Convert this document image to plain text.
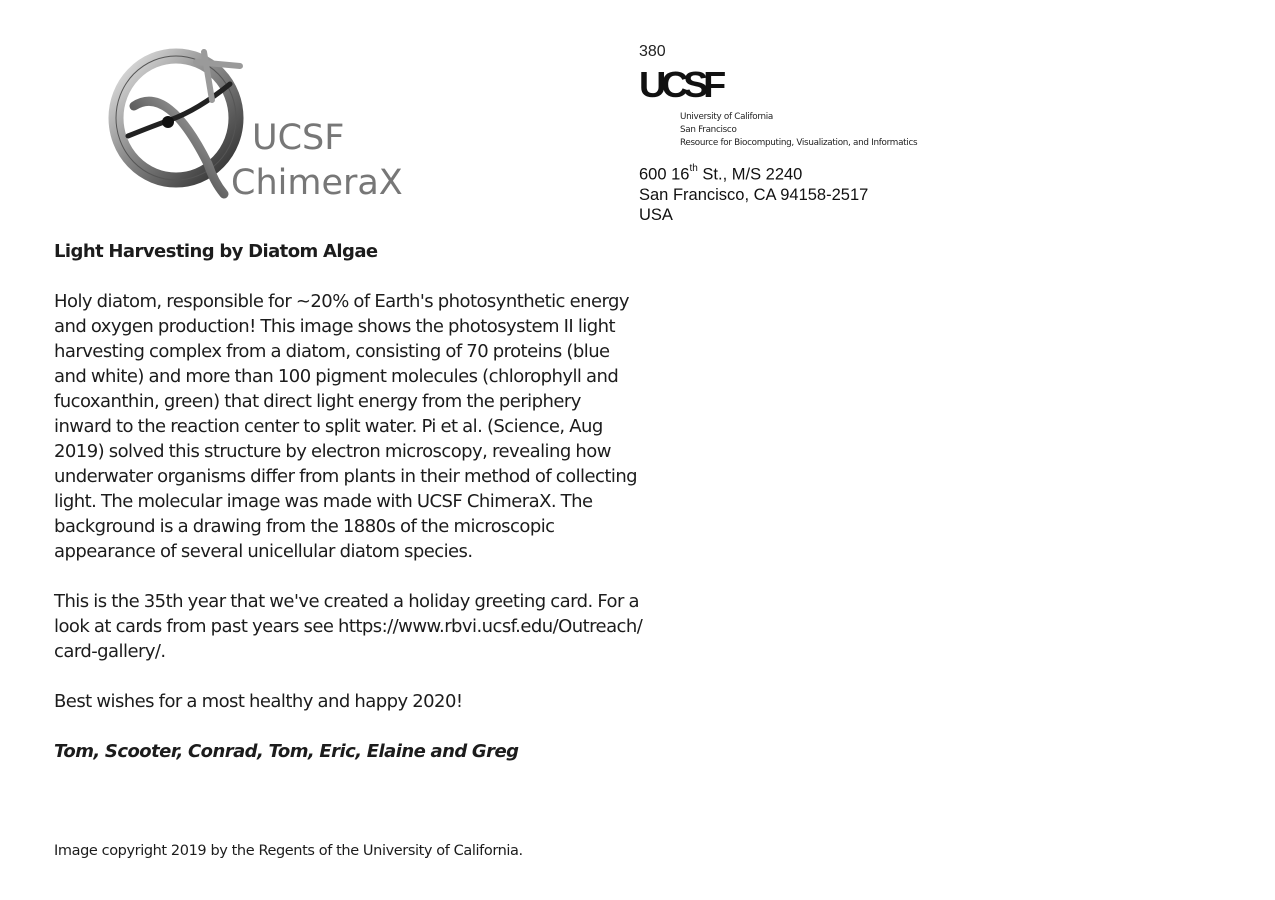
UCSF
ChimeraX
380
UCSF
University of California
San Francisco
Resource for Biocomputing, Visualization, and Informatics
600 16th St., M/S 2240
San Francisco, CA 94158-2517
USA

Light Harvesting by Diatom Algae

Holy diatom, responsible for ~20% of Earth's photosynthetic energy

and oxygen production! This image shows the photosystem II light

harvesting complex from a diatom, consisting of 70 proteins (blue

and white) and more than 100 pigment molecules (chlorophyll and

fucoxanthin, green) that direct light energy from the periphery

inward to the reaction center to split water. Pi et al. (Science, Aug

2019) solved this structure by electron microscopy, revealing how

underwater organisms differ from plants in their method of collecting

light. The molecular image was made with UCSF ChimeraX. The

background is a drawing from the 1880s of the microscopic

appearance of several unicellular diatom species.

This is the 35th year that we've created a holiday greeting card. For a

look at cards from past years see https://www.rbvi.ucsf.edu/Outreach/

card-gallery/.

Best wishes for a most healthy and happy 2020!

Tom, Scooter, Conrad, Tom, Eric, Elaine and Greg

Image copyright 2019 by the Regents of the University of California.
